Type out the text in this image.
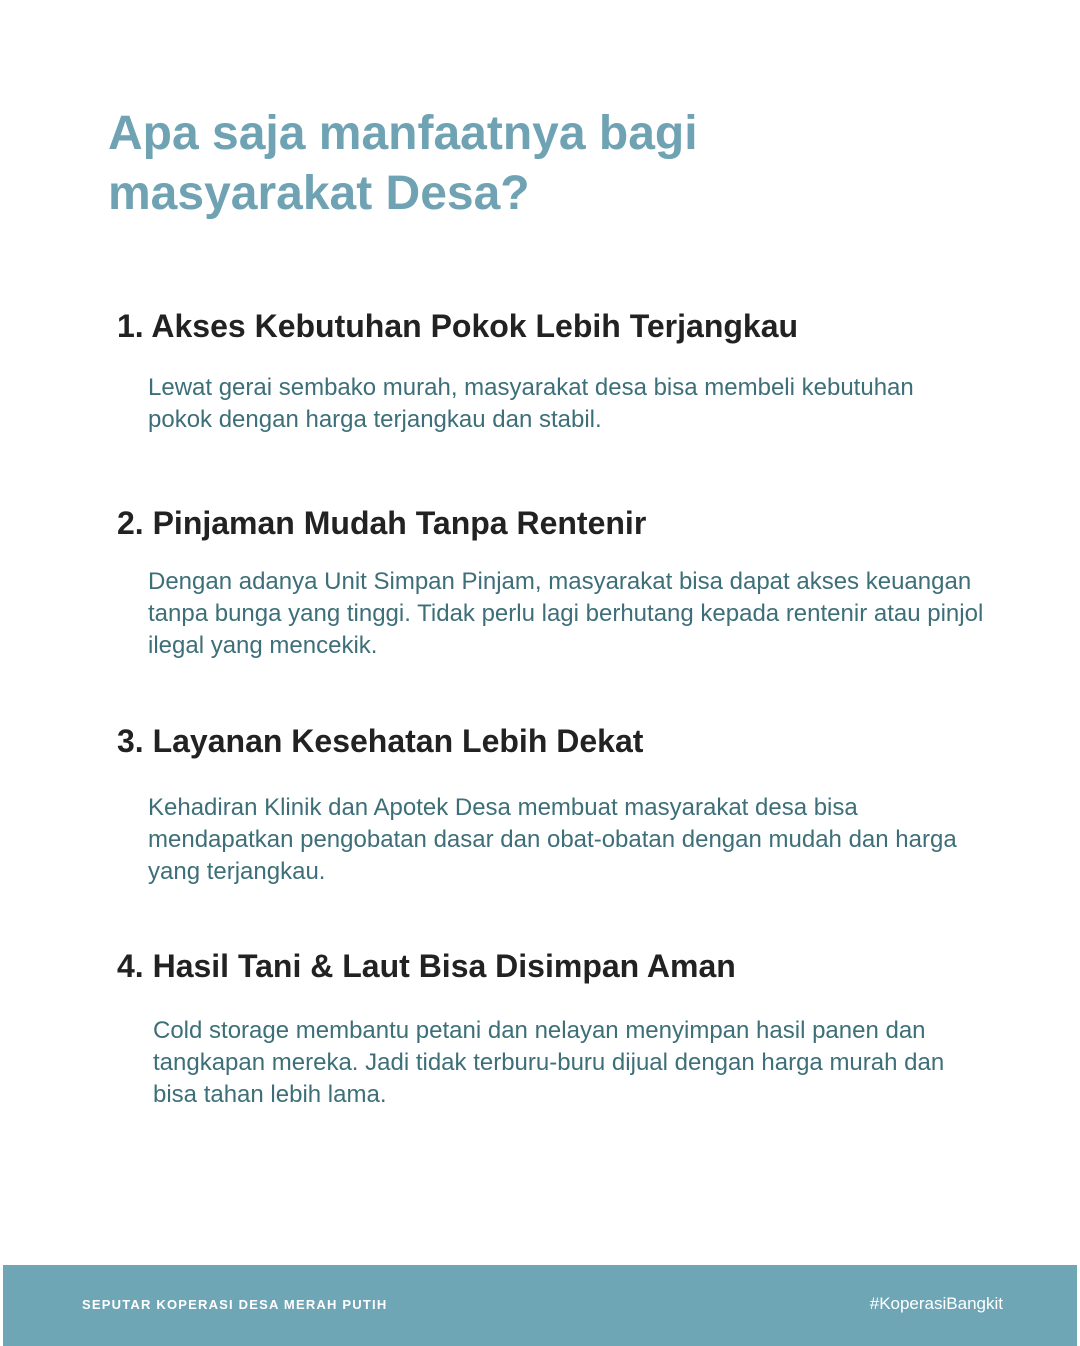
Apa saja manfaatnya bagi masyarakat Desa?
1. Akses Kebutuhan Pokok Lebih Terjangkau

Lewat gerai sembako murah, masyarakat desa bisa membeli kebutuhan pokok dengan harga terjangkau dan stabil.

2. Pinjaman Mudah Tanpa Rentenir

Dengan adanya Unit Simpan Pinjam, masyarakat bisa dapat akses keuangan tanpa bunga yang tinggi. Tidak perlu lagi berhutang kepada rentenir atau pinjol ilegal yang mencekik.

3. Layanan Kesehatan Lebih Dekat

Kehadiran Klinik dan Apotek Desa membuat masyarakat desa bisa mendapatkan pengobatan dasar dan obat-obatan dengan mudah dan harga yang terjangkau.

4. Hasil Tani & Laut Bisa Disimpan Aman

Cold storage membantu petani dan nelayan menyimpan hasil panen dan tangkapan mereka. Jadi tidak terburu-buru dijual dengan harga murah dan bisa tahan lebih lama.

SEPUTAR KOPERASI DESA MERAH PUTIH	#KoperasiBangkit
